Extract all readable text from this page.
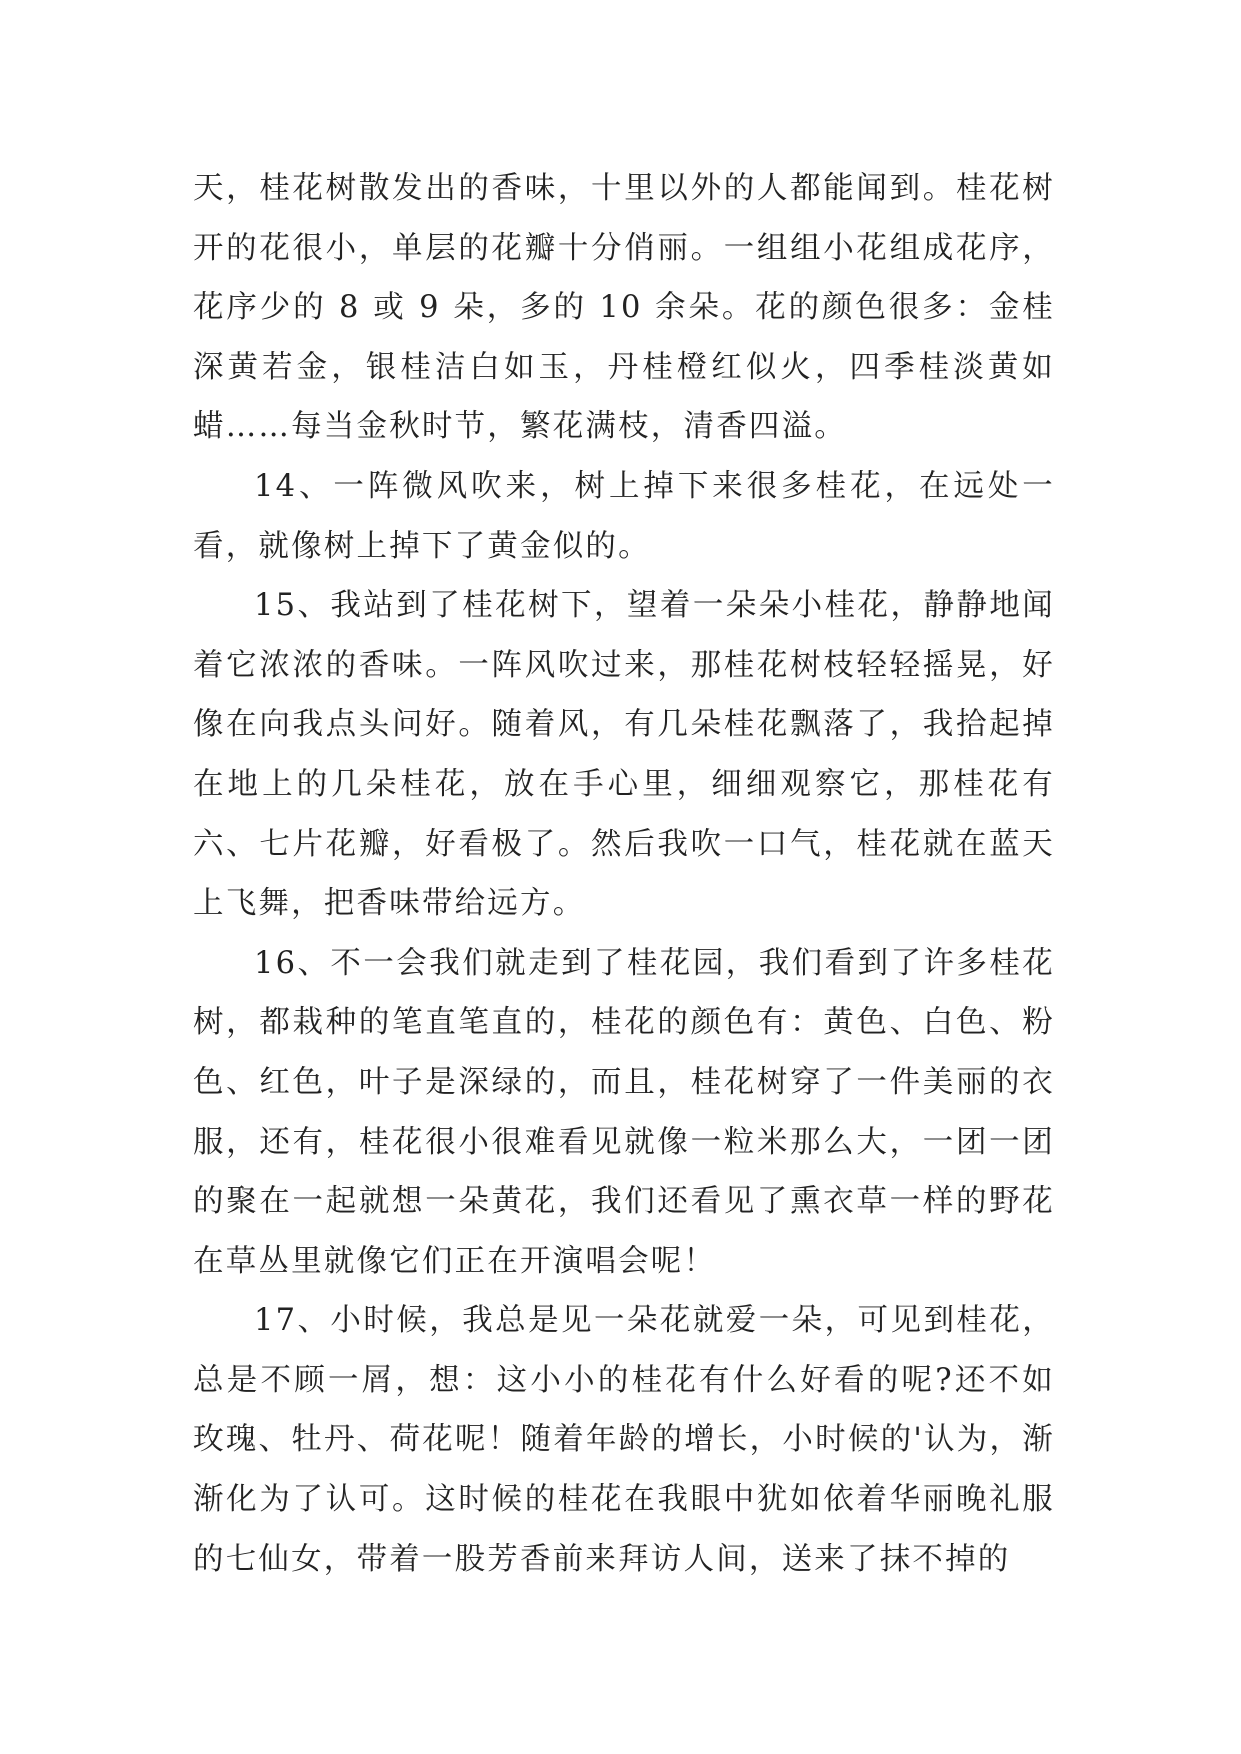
天，桂花树散发出的香味，十里以外的人都能闻到。桂花树开的花很小，单层的花瓣十分俏丽。一组组小花组成花序，花序少的 8 或 9 朵，多的 10 余朵。花的颜色很多：金桂深黄若金，银桂洁白如玉，丹桂橙红似火，四季桂淡黄如蜡……每当金秋时节，繁花满枝，清香四溢。

14、一阵微风吹来，树上掉下来很多桂花，在远处一看，就像树上掉下了黄金似的。

15、我站到了桂花树下，望着一朵朵小桂花，静静地闻着它浓浓的香味。一阵风吹过来，那桂花树枝轻轻摇晃，好像在向我点头问好。随着风，有几朵桂花飘落了，我拾起掉在地上的几朵桂花，放在手心里，细细观察它，那桂花有六、七片花瓣，好看极了。然后我吹一口气，桂花就在蓝天上飞舞，把香味带给远方。

16、不一会我们就走到了桂花园，我们看到了许多桂花树，都栽种的笔直笔直的，桂花的颜色有：黄色、白色、粉色、红色，叶子是深绿的，而且，桂花树穿了一件美丽的衣服，还有，桂花很小很难看见就像一粒米那么大，一团一团的聚在一起就想一朵黄花，我们还看见了熏衣草一样的野花在草丛里就像它们正在开演唱会呢！

17、小时候，我总是见一朵花就爱一朵，可见到桂花，总是不顾一屑，想：这小小的桂花有什么好看的呢?还不如玫瑰、牡丹、荷花呢！随着年龄的增长，小时候的'认为，渐渐化为了认可。这时候的桂花在我眼中犹如依着华丽晚礼服的七仙女，带着一股芳香前来拜访人间，送来了抹不掉的
